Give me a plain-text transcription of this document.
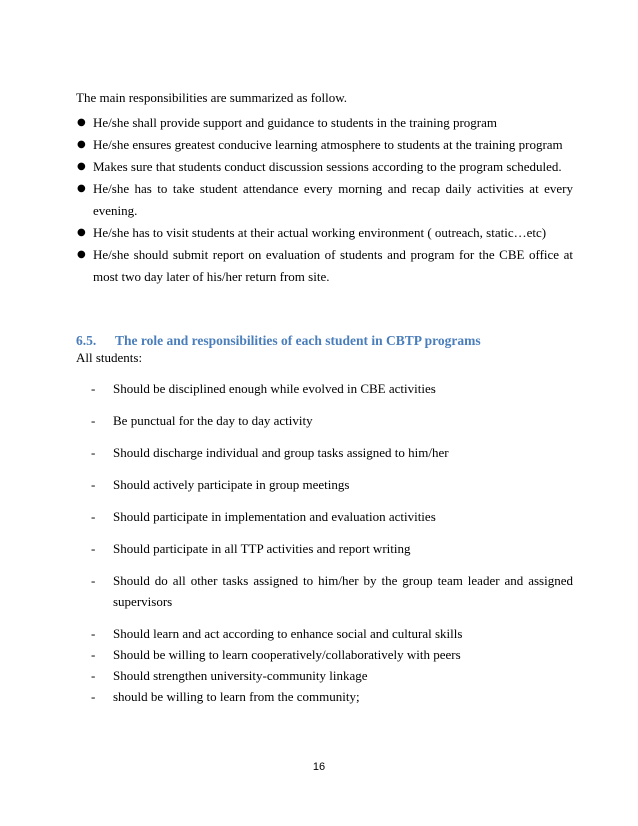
The main responsibilities are summarized as follow.

● He/she shall provide support and guidance to students in the training program
● He/she ensures greatest conducive learning atmosphere to students at the training program
● Makes sure that students conduct discussion sessions according to the program scheduled.
● He/she has to take student attendance every morning and recap daily activities at every evening.
● He/she has to visit students at their actual working environment ( outreach, static…etc)
● He/she should submit report on evaluation of students and program for the CBE office at most two day later of his/her return from site.
6.5. The role and responsibilities of each student in CBTP programs

All students:

- Should be disciplined enough while evolved in CBE activities
- Be punctual for the day to day activity
- Should discharge individual and group tasks assigned to him/her
- Should actively participate in group meetings
- Should participate in implementation and evaluation activities
- Should participate in all TTP activities and report writing
- Should do all other tasks assigned to him/her by the group team leader and assigned supervisors
- Should learn and act according to enhance social and cultural skills
- Should be willing to learn cooperatively/collaboratively with peers
- Should strengthen university-community linkage
- should be willing to learn from the community;
16
